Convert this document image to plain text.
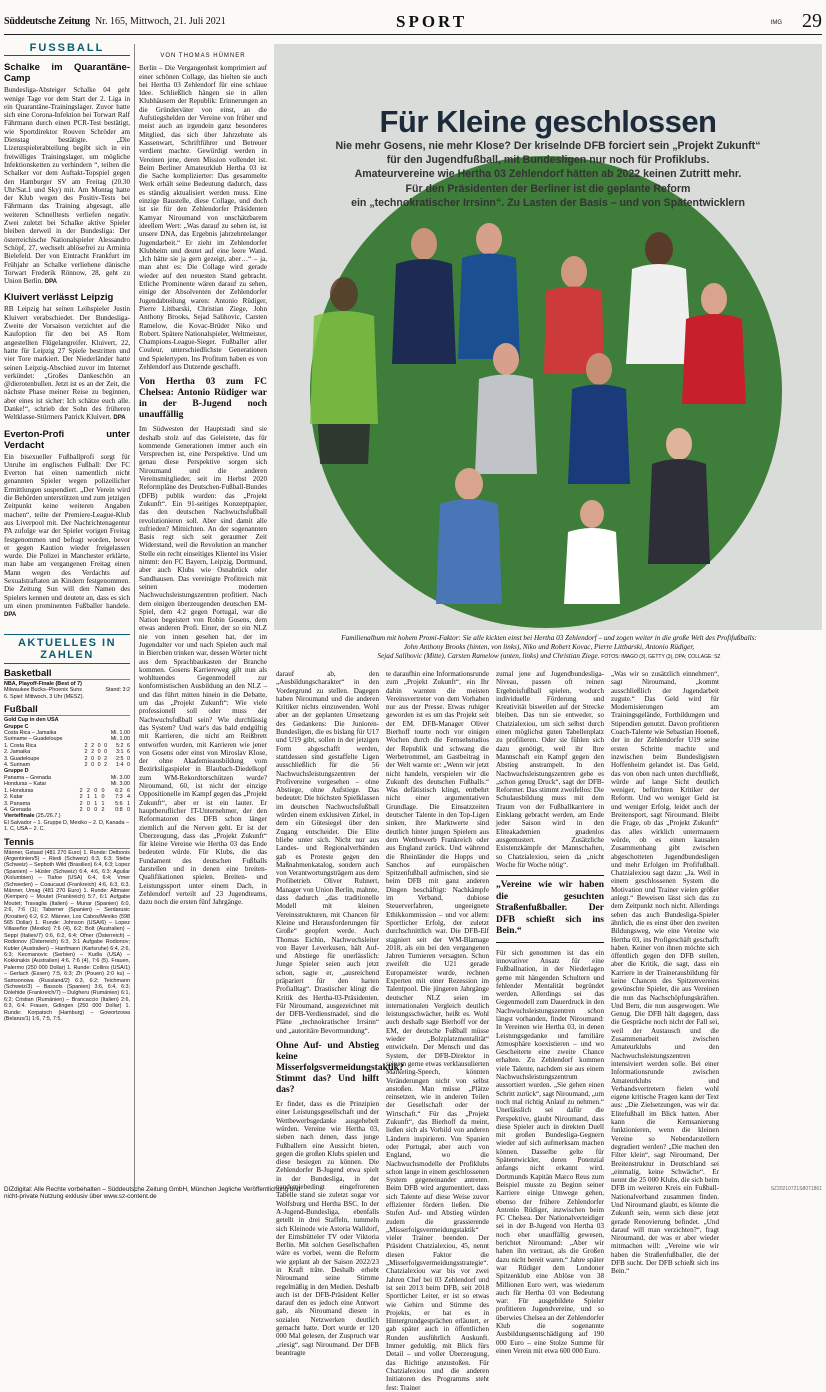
Süddeutsche Zeitung Nr. 165, Mittwoch, 21. Juli 2021	SPORT	IMG 29
FUSSBALL
Schalke im Quarantäne-Camp

Bundesliga-Absteiger Schalke 04 geht wenige Tage vor dem Start der 2. Liga in ein Quarantäne-Trainingslager. Zuvor hatte sich eine Corona-Infektion bei Torwart Ralf Fährmann durch einen PCR-Test bestätigt, wie Sportdirektor Rouven Schröder am Dienstag bestätigte. „Die Lizenzspielerabteilung begibt sich in ein freiwilliges Trainingslager, um mögliche Infektionsketten zu verhindern “, teilten die Schalker vor dem Auftakt-Topspiel gegen den Hamburger SV am Freitag (20.30 Uhr/Sat.1 und Sky) mit. Am Montag hatte der Klub wegen des Positiv-Tests bei Fährmann das Training abgesagt, alle weiteren Schnelltests verliefen negativ. Zwei zuletzt bei Schalke aktive Spieler bleiben derweil in der Bundesliga: Der österreichische Nationalspieler Alessandro Schöpf, 27, wechselt ablösefrei zu Arminia Bielefeld. Der von Eintracht Frankfurt im Frühjahr an Schalke verliehene dänische Torwart Frederik Rönnow, 28, geht zu Union Berlin. DPA

Kluivert verlässt Leipzig

RB Leipzig hat seinen Leihspieler Justin Kluivert verabschiedet. Der Bundesliga-Zweite der Vorsaison verzichtet auf die Kaufoption für den bei AS Rom angestellten Flügelangreifer. Kluivert, 22, hatte für Leipzig 27 Spiele bestritten und vier Tore markiert. Der Niederländer hatte seinen Leipzig-Abschied zuvor im Internet verkündet: „Großes Dankeschön an @dierotenbullen. Jetzt ist es an der Zeit, die nächste Phase meiner Reise zu beginnen, aber eines ist sicher: Ich schätze euch alle. Danke!“, schrieb der Sohn des früheren Weltklasse-Stürmers Patrick Kluivert. DPA

Everton-Profi unter Verdacht

Ein bisexueller Fußballprofi sorgt für Unruhe im englischen Fußball: Der FC Everton hat einen namentlich nicht genannten Spieler wegen polizeilicher Ermittlungen suspendiert. „Der Verein wird die Behörden unterstützen und zum jetzigen Zeitpunkt keine weiteren Angaben machen“, teilte der Premiere-League-Klub aus Liverpool mit. Der Nachrichtenagentur PA zufolge war der Spieler vorigen Freitag festgenommen und befragt worden, bevor er gegen Kaution wieder freigelassen wurde. Die Polizei in Manchester erklärte, man habe am vergangenen Freitag einen Mann wegen des Verdachts auf Sexualstraftaten an Kindern festgenommen. Die Zeitung Sun will den Namen des Spielers kennen und deutete an, dass es sich um einen prominenten Fußballer handele. DPA

AKTUELLES IN ZAHLEN
Basketball
NBA, Playoff-Finale (Best of 7)
Milwaukee Bucks–Phoenix Suns	Stand: 3:2
6. Spiel: Mittwoch, 3 Uhr (MESZ).
Fußball
Gold Cup in den USA
Gruppe C
Costa Rica – Jamaika	Mi. 1.00
Suriname – Guadeloupe	Mi. 1.00
1. Costa Rica	2	2	0	0	5:2	6
2. Jamaika	2	2	0	0	3:1	6
3. Guadeloupe	2	0	0	2	2:5	0
4. Surinam	2	0	0	2	1:4	0
Gruppe D
Panama – Grenada	Mi. 3.00
Honduras – Katar	Mi. 3.00
1. Honduras	2	2	0	0	6:2	6
2. Katar	2	1	1	0	7:3	4
3. Panama	2	0	1	1	5:6	1
4. Grenada	2	0	0	2	0:8	0
Viertelfinale (25./26.7.)
El Salvador – 1. Gruppe D, Mexiko – 2. D, Kanada – 1. C, USA – 2. C.
Tennis
Männer, Gstaad (481 270 Euro) 1. Runde: Delbonis (Argentinien/5) – Riedi (Schweiz) 6:3, 6:3; Stebe (Schweiz) – Sepboth Wild (Brasilien) 6:4, 6:3; Lopez (Spanien) – Hüsler (Schweiz) 6:4, 4:6, 6:3; Aguilar (Kolumbien) – Tiafoe (USA) 6:4, 6:4; Vmer (Schweden) – Coaucaud (Frankreich) 4:6, 6:3, 6:3. Männer, Umag (481 270 Euro) 1. Runde: Altmaier (Kempen) – Moutet (Frankreich) 5:7, 6:1 Aufgabe Moutet; Travaglia (Italien) – Munar (Spanien) 6:0, 2:6, 7:6 (1); Taberner (Spanien) – Serdarusic (Kroatien) 6:2, 6:2. Männer, Los Cabos/Mexiko (598 565 Dollar) 1. Runde: Johnson (USA/6) – Lopez Villaseñor (Mexiko) 7:6 (4), 6:2; Bolt (Australien) – Seppi (Italien/7) 0:6, 6:2, 6:4; Ofner (Österreich) – Rodionov (Österreich) 6:3, 3:1 Aufgabe Rodionov; Kubler (Australien) – Hanfmann (Karlsruhe) 6:4, 2:6, 6:3; Kecmanovic (Serbien) – Kudla (USA) – Kokkinakis (Australien) 4:6, 7:6 (4), 7:6 (5). Frauen, Palermo (250 000 Dollar) 1. Runde: Collins (USA/1) – Gerlach (Essen) 7:5, 6:3; Zh (Pouen) 2:0 ku) – Samsonowa (Russland/2) 6:3, 6:2; Teichmann (Schweiz/3) – Bassols (Spanien) 3:6, 6:4, 6:3; Dolehide (Frankreich/7) – Dulgheru (Rumänien) 6:1, 6:2; Cristian (Rumänien) – Brancaccio (Italien) 2:6, 6:3, 6:4. Frauen, Gdingen (250 000 Dollar) 1. Runde: Korpatsch (Hamburg) – Gowortzowa (Belarus/1) 1:6, 7:5, 7:5.
DIZdigital: Alle Rechte vorbehalten – Süddeutsche Zeitung GmbH, München Jegliche Veröffentlichung und nicht-private Nutzung exklusiv über www.sz-content.de
VON THOMAS HÜMNER

Berlin – Die Vergangenheit komprimiert auf einer schönen Collage, das hielten sie auch bei Hertha 03 Zehlendorf für eine schlaue Idee. Schließlich hängen sie in allen Klubhäusern der Republik: Erinnerungen an die Gründerväter von einst, an die Aufstiegshelden der Vereine von früher und meist auch an irgendein ganz besonderes Mitglied, das sich über Jahrzehnte als Kassenwart, Schriftführer und Betreuer verdient machte. Gewürdigt werden in Vereinen jene, deren Mission vollendet ist. Beim Berliner Amateurklub Hertha 03 ist die Sache komplizierter: Das gesammelte Werk erhält seine Bedeutung dadurch, dass es ständig aktualisiert werden muss. Eine einzige Baustelle, diese Collage, und doch ist sie für den Zehlendorfer Präsidenten Kamyar Niroumand von unschätzbarem ideellem Wert: „Was darauf zu sehen ist, ist unsere DNA, das Ergebnis jahrzehntelanger Jugendarbeit.“ Er zieht im Zehlendorfer Klubheim und deutet auf eine leere Wand. „Ich hätte sie ja gern gezeigt, aber…“ – ja, man ahnt es: Die Collage wird gerade wieder auf den neuesten Stand gebracht. Etliche Prominente wären darauf zu sehen, einige der Absolventen der Zehlendorfer Jugendabteilung waren: Antonio Rüdiger, Pierre Littbarski, Christian Ziege, John Anthony Brooks, Sejad Salihovic, Carsten Ramelow, die Kovac-Brüder Niko und Robert. Spätere Nationalspieler, Weltmeister, Champions-League-Sieger. Fußballer aller Couleur, unterschiedlichste Generationen und Spielertypen. Ins Profitum haben es von Zehlendorf aus Dutzende geschafft.

Von Hertha 03 zum FC Chelsea: Antonio Rüdiger war in der B-Jugend noch unauffällig

Im Südwesten der Hauptstadt sind sie deshalb stolz auf das Geleistete, das für kommende Generationen immer auch ein Versprechen ist, eine Perspektive. Und um genau diese Perspektive sorgen sich Niroumand und die anderen Vereinsmitglieder, seit im Herbst 2020 Reformpläne des Deutschen-Fußball-Bundes (DFB) publik wurden: das „Projekt Zukunft“. Ein 91-seitiges Konzeptpapier, das den deutschen Nachwuchsfußball revolutionieren soll. Aber sind damit alle zufrieden? Mitnichten. An der sogenannten Basis regt sich seit geraumer Zeit Widerstand, weil die Revolution an mancher Stelle ein recht einseitiges Klientel ins Visier nimmt: den FC Bayern, Leipzig, Dortmund, aber auch Klubs wie Osnabrück oder Sandhausen. Das vereinigte Profitreich mit seinen modernen Nachwuchsleistungszentren profitiert. Nach dem einigen überzeugenden deutschen EM-Spiel, dem 4:2 gegen Portugal, war die Nation begeistert von Robin Gosens, dem etwas anderen Profi. Einer, der so ein NLZ nie von innen gesehen hat, der im Jugendalter vor und nach Spielen auch mal in Bierchen trinken war, dessen Wörter nicht aus dem Sprachbaukasten der Branche kommen. Gosens Karriereweg gilt nun als wohltuendes Gegenmodell zur konformistischen Ausbildung an den NLZ – und das führt mitten hinein in die Debatte, um das „Projekt Zukunft“: Wie viele professionell soll oder muss der Nachwuchsfußball sein? Wie durchlässig das System? Und war's das bald endgültig mit Karrieren, die nicht am Reißbrett entworfen wurden, mit Karrieren wie jener von Gosens oder einst von Miroslav Klose, der ohne Akademieausbildung vom Bezirksligaspieler in Blaubach-Diedelkopf zum WM-Rekordtorschützen wurde? Niroumand, 60, ist nicht der einzige Oppositionelle im Kampf gegen das „Projekt Zukunft“, aber er ist ein lauter. Er hauptberuflicher IT-Unternehmer, der den Reformatoren des DFB schon länger ziemlich auf die Nerven geht. Er ist der Überzeugung, dass das „Projekt Zukunft“ für kleine Vereine wie Hertha 03 das Ende bedeuten würde. Für Klubs, die das Fundament des deutschen Fußballs darstellen und in denen eine breiten-Qualifikationen spielen. Breiten- und Leistungssport unter einem Dach, in Zehlendorf verteilt auf 23 Jugendteams, dazu noch die ersten fünf Jahrgänge.

Für Kleine geschlossen
Nie mehr Gosens, nie mehr Klose? Der kriselnde DFB forciert sein „Projekt Zukunft“
für den Jugendfußball, mit Bundesligen nur noch für Profiklubs.
Amateurvereine wie Hertha 03 Zehlendorf hätten ab 2022 keinen Zutritt mehr.
Für den Präsidenten der Berliner ist die geplante Reform
ein „technokratischer Irrsinn“. Zu Lasten der Basis – und von Spätentwicklern
Familienalbum mit hohem Promi-Faktor: Sie alle kickten einst bei Hertha 03 Zehlendorf – und zogen weiter in die große Welt des Profifußballs:
John Anthony Brooks (hinten, von links), Niko und Robert Kovac, Pierre Littbarski, Antonio Rüdiger,
Sejad Salihovic (Mitte), Carsten Ramelow (unten, links) und Christian Ziege. FOTOS: IMAGO (3), GETTY (3), DPA; COLLAGE: SZ

darauf ab, den „Ausbildungscharakter“ in den Vordergrund zu stellen. Dagegen haben Niroumand und die anderen Kritiker nichts einzuwenden. Wohl aber an der geplanten Umsetzung des Gedankens: Die Junioren-Bundesligen, die es bislang für U17 und U19 gibt, sollen in der jetzigen Form abgeschafft werden, stattdessen sind gestaffelte Ligen ausschließlich für die 56 Nachwuchsleistungszentren der Profivereine vorgesehen – ohne Abstiege, ohne Aufstiege. Das bedeutet: Die höchsten Spielklassen im deutschen Nachwuchsfußball würden einem exklusiven Zirkel, in dem ein Gütesiegel über den Zugang entscheidet. Die Elite bliebe unter sich. Nicht nur aus Landes- und Regionalverbänden gab es Proteste gegen den Maßnahmenkatalog, sondern auch von Verantwortungsträgern aus dem Profibetrieb. Oliver Ruhnert, Manager von Union Berlin, mahnte, dass dadurch „das traditionelle Modell mit kleinen Vereinsstrukturen, mit Chancen für Kleine und Herausforderungen für Große“ geopfert werde. Auch Thomas Eichin, Nachwuchsleiter von Bayer Leverkusen, hält Auf- und Abstiege für unerlässlich: Junge Spieler seien auch jetzt schon, sagte er, „ausreichend präpariert für den harten Profialltag“. Drastischer klingt die Kritik des Hertha-03-Präsidenten. Für Niroumand, ausgezeichnet mit der DFB-Verdienstnadel, sind die Pläne „technokratischer Irrsinn“ und „autoritäre Bevormundung“.

Ohne Auf- und Abstieg keine Misserfolgsvermeidungstaktik? Stimmt das? Und hilft das?

Er findet, dass es die Prinzipien einer Leistungsgesellschaft und der Wettbewerbsgedanke ausgehebelt würden. Vereine wie Hertha 03, sieben nach denen, dass junge Fußballern eine Aussicht bieten, gegen die großen Klubs spielen und diese besiegen zu können. Die Zehlendorfer B-Jugend etwa spielt in der Bundesliga, in der pandemiebedingt eingefrorenen Tabelle stand sie zuletzt sogar vor Wolfsburg und Hertha BSC. In der A-Jugend-Bundesliga, ebenfalls getellt in drei Staffeln, tummeln sich Kleinode wie Astoria Walldorf, der Eimsbütteler TV oder Viktoria Berlin. Mit solchen Gesellschaften wäre es vorbei, wenn die Reform wie geplant ab der Saison 2022/23 in Kraft träte. Deshalb erhebt Niroumand seine Stimme regelmäßig in den Medien. Deshalb auch ist der DFB-Präsident Keller darauf den es jedoch eine Antwort gab, als Niroumand diesen in sozialen Netzwerken deutlich gemacht hatte. Dort wurde er 120 000 Mal gelesen, der Zuspruch war „riesig“, sagt Niroumand. Der DFB beantragte

te daraufhin eine Informationsrunde zum „Projekt Zukunft“, ein Ihr dahin warnten die meisten Vereinsvertreter von dem Vorhaben nur aus der Presse. Etwas ruhiger geworden ist es um das Projekt seit der EM. DFB-Manager Oliver Bierhoff tourte noch vor einigen Wochen durch die Fernsehstudios der Republik und schwang die Werbetrommel, am Gastbeitrag in der Welt warnte er: „Wenn wir jetzt nicht handeln, verspielen wir die Zukunft des deutschen Fußballs.“ Was defätistisch klingt, entbehrt nicht einer argumentativen Grundlage. Die Einsatzzeiten deutscher Talente in den Top-Ligen sinken, ihre Marktwerte sind deutlich hinter jungen Spielern aus dem Wettbewerb Frankreich oder aus England zurück. Und während die Rheinländer die Hopps und Sanchos auf europäischen Spitzenfußball aufmischen, sind sie beim DFB mit ganz anderen Dingen beschäftigt: Nachkämpfe im Verband, dubiose Steuerverfahren, ungeeignete Ethikkommission – und vor allem: Sportlicher Erfolg, der zuletzt durchschnittlich war. Die DFB-Elf stagniert seit der WM-Blamage 2018, als ein bei den vergangenen Jahren Turnieren versagten. Schon zweifelt die U21 gerade Europameister wurde, rechnen Experten mit einer Rezession im Talentpool. Die jüngeren Jahrgänge deutscher NLZ seien im internationalen Vergleich deutlich leistungsschwächer, heißt es. Wohl auch deshalb sage Bierhoff vor der EM, der deutsche Fußball müsse wieder „Bolzplatzmentalität“ entwickeln. Der Mensch und das System, der DFB-Direktor in seinem gerne etwas verklausulierten Marketing-Speech, könnten Veränderungen nicht von selbst anstoßen. Man müsse „Plätze reinsetzen, wie in anderen Teilen der Gesellschaft oder der Wirtschaft.“ Für das „Projekt Zukunft“, das Bierhoff da meint, ließen sich als Vorbild von anderen Ländern inspirieren. Von Spanien oder Portugal, aber auch von England, wo die Nachwuchsmodelle der Profiklubs schon lange in einem geschlossenen System gegeneinander antreten. Beim DFB wird argumentiert, dass sich Talente auf diese Weise zuvor effizienter fördern ließen. Die Stufen Auf- und Abstieg würden zudem die grassierende „Misserfolgsvermeidungstaktik“ vieler Trainer beenden. Der Präsident Chatzialexiou, 45, nennt diesen Faktor die „Misserfolgsvermeidungsstrategie“. Chatzialexiou war bis vor zwei Jahren Chef bei 03 Zehlendorf und ist seit 2013 beim DFB, seit 2018 Sportlicher Leiter, er ist so etwas wie Gehirn und Stimme des Projekts, er hat es in Hintergrundgesprächen erläutert, er gab später auch in öffentlichen Runden ausführlich Auskunft. Immer geduldig, mit Blick fürs Detail – und voller Überzeugung, das Richtige anzustoßen. Für Chatzialexiou und die anderen Initiatoren des Programms steht fest: Trainer

zumal jene auf Jugendbundesliga-Niveau, passen oft reinen Ergebnisfußball spielen, wodurch individuelle Förderung und Kreativität bisweilen auf der Strecke bleiben. Das tun sie entweder, so Chatzialexiou, um sich selbst durch einen möglichst guten Tabellenplatz zu profilieren. Oder sie fühlen sich dazu genötigt, weil ihr Ihre Mannschaft ein Kampf gegen den Abstieg anstrampelt. In den Nachwuchsleistungszentren gebe es „schon genug Druck“, sagt der DFB-Reformer. Das stimmt zweifellos: Die Schulausbildung muss mit dem Traum von der Fußballkarriere in Einklang gebracht werden, am Ende jeder Saison wird in den Eliteakademien gnadenlos ausgemustert. Zusätzliche Existenzkämpfe der Mannschaften, so Chatzialexiou, seien da „nicht Woche für Woche nötig“.

„Vereine wie wir haben die gesuchten Straßenfußballer. Der DFB schießt sich ins Bein.“

Für sich genommen ist das ein innovativer Ansatz für eine Fußballnation, in der Niederlagen gerne mit hängenden Schultern und fehlender Mentalität begründet werden. Allerdings sei das Gegenmodell zum Dauerdruck in den Nachwuchsleistungszentren schon längst vorhanden, findet Niroumand: In Vereinen wie Hertha 03, in denen Leistungsgedanke und familiäre Atmosphäre koexistieren – und wo Gescheiterte eine zweite Chance erhalten. Zu Zehlendorf kommen viele Talente, nachdem sie aus einem Nachwuchsleistungszentrum aussortiert wurden. „Sie gehen einen Schritt zurück“, sagt Niroumand, „um noch mal richtig Anlauf zu nehmen.“ Unerlässlich sei dafür die Perspektive, glaubt Niroumand, dass diese Spieler auch in direkten Duell mit großen Bundesliga-Gegnern wieder auf sich aufmerksam machen können. Dasselbe gelte für Spätentwickler, deren Potenzial anfangs nicht erkannt wird. Dortmunds Kapitän Marco Reus zum Beispiel musste zu Beginn seiner Karriere einige Umwege gehen, ebenso der frühere Zehlendorfer Antonio Rüdiger, inzwischen beim FC Chelsea. Der Nationalverteidiger sei in der B-Jugend von Hertha 03 noch eher unauffällig gewesen, berichtet Niroumand: „Aber wir haben ihn vertraut, als die Großen dazu nicht bereit waren.“ Jahre später war Rüdiger dem Londoner Spitzenklub eine Ablöse von 38 Millionen Euro wert, was wiederum auch für Hertha 03 von Bedeutung war: Für ausgebildete Spieler profitieren Jugendvereine, und so überwies Chelsea an der Zehlendorfer Klub die sogenannte Ausbildungsentschädigung auf 190 000 Euro – eine Stolze Summe für einen Verein mit etwa 600 000 Euro.

„Was wir so zusätzlich einnehmen“, sagt Niroumand, „kommt ausschließlich der Jugendarbeit zugute.“ Das Geld wird für Modernisierungen am Trainingsgelände, Fortbildungen und Stipendien genutzt. Davon profitieren Coach-Talente wie Sebastian Hoeneß, der in der Zehlendorfer U19 seine ersten Schritte machte und inzwischen beim Bundesligisten Hoffenheim gelandet ist. Das Geld, das von oben nach unten durchfließt, würde auf lange Sicht deutlich weniger, befürchten Kritiker der Reform. Und wo weniger Geld ist und weniger Erfolg, leidet auch der Breitensport, sagt Niroumand. Bleibt die Frage, ob das „Projekt Zukunft“ das alles wirklich untermauern würde, ob es einen kausalen Zusammenhang gibt zwischen abgeschotteten Jugendbundesligen und mehr Erfolgen im Profifußball. Chatzialexiou sagt dazu: „Ja. Weil in einem geschlossenen System die Motivation und Trainer vielen größer anlegt.“ Beweisen lässt sich das zu dem Zeitpunkt noch nicht. Allerdings sehen das auch Bundesliga-Spieler ähnlich, die es einst über den zweiten Bildungsweg, wie eine Vereine wie Hertha 03, ins Profigeschäft geschafft haben. Keiner von ihnen möchte sich öffentlich gegen den DFB stellen, aber die Kritik, die sagt, dass ein Karriere in der Trainerausbildung für keine Chancen des Spitzenvereins gewünschte Spieler, die aus Vereinen die nun das Nachschöpfungskräften. Und Bern, die nun ausgewogen. Wie Genug. Die DFB hält dagegen, dass die Gespräche noch nicht der Fall sei, weil der Austausch und die Zusammenarbeit zwischen Amateurklubs und den Nachwuchsleistungszentren intensiviert werden solle. Bei einer Informationsrunde zwischen Amateurklubs und Verbandsvertretern fielen wohl eigene kritische Fragen kann der Text aus: „Die Zielsetzungen, was wir da: Elitefußball im Blick hatten. Aber kann die Kernsanierung funktionieren, wenn die kleinen Vereine so Nebendarstellern degradiert werden? „Die machen den Filter klein“, sagt Niroumand, Der Breitenstruktur in Deutschland sei „einmalig, keine Schwäche“. Er nennt die 25 000 Klubs, die sich beim DFB im weiteren Kreis ein Fußball-Nationalverband zusammen finden. Und Niroumand glaubt, es könnte die Zukunft sein, wenn sich diese jetzt gerade Renovierung befindet. „Und darauf will man verzichten?“, fragt Niroumand, der was er aber wieder mitmachen will: „Vereine wie wir haben die Straßenfußballer, die der DFB sucht. Der DFB schießt sich ins Bein.“

SZ20210721S8071861
